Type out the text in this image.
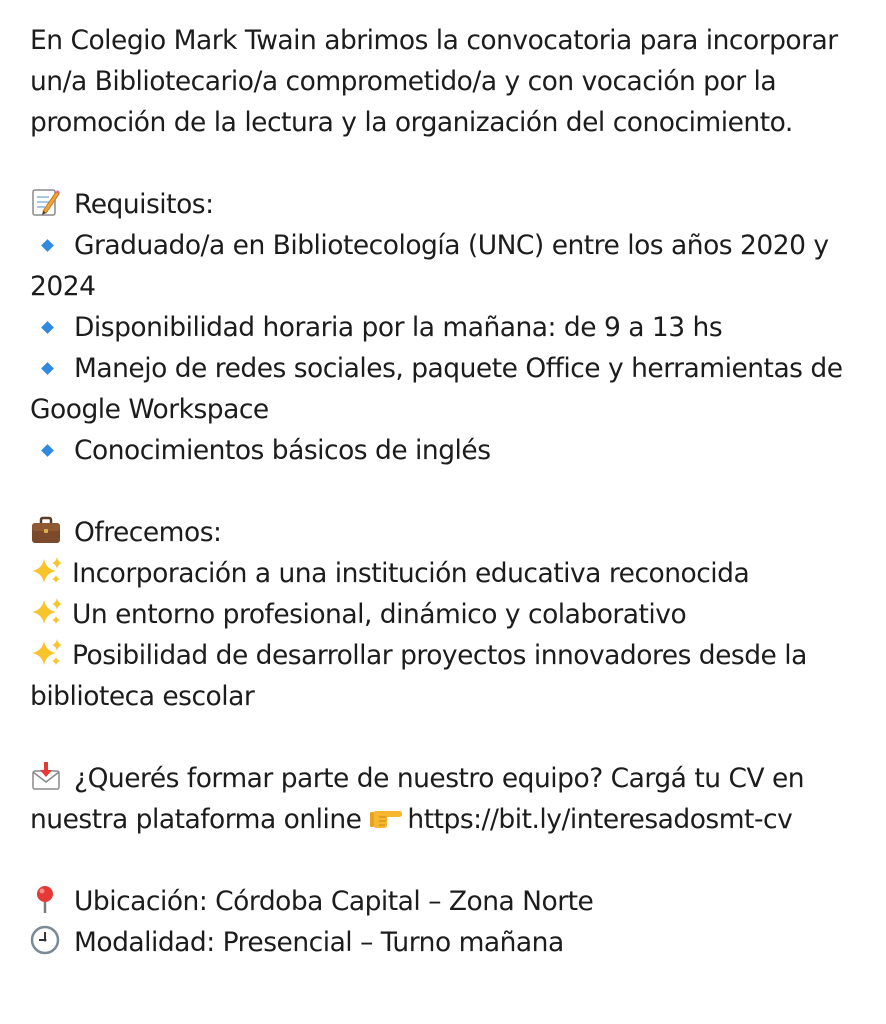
En Colegio Mark Twain abrimos la convocatoria para incorporar un/a Bibliotecario/a comprometido/a y con vocación por la promoción de la lectura y la organización del conocimiento.

Requisitos:

Graduado/a en Bibliotecología (UNC) entre los años 2020 y 2024

Disponibilidad horaria por la mañana: de 9 a 13 hs

Manejo de redes sociales, paquete Office y herramientas de Google Workspace

Conocimientos básicos de inglés

Ofrecemos:

Incorporación a una institución educativa reconocida

Un entorno profesional, dinámico y colaborativo

Posibilidad de desarrollar proyectos innovadores desde la biblioteca escolar

¿Querés formar parte de nuestro equipo? Cargá tu CV en nuestra plataforma online https://bit.ly/interesadosmt-cv

Ubicación: Córdoba Capital – Zona Norte

Modalidad: Presencial – Turno mañana
